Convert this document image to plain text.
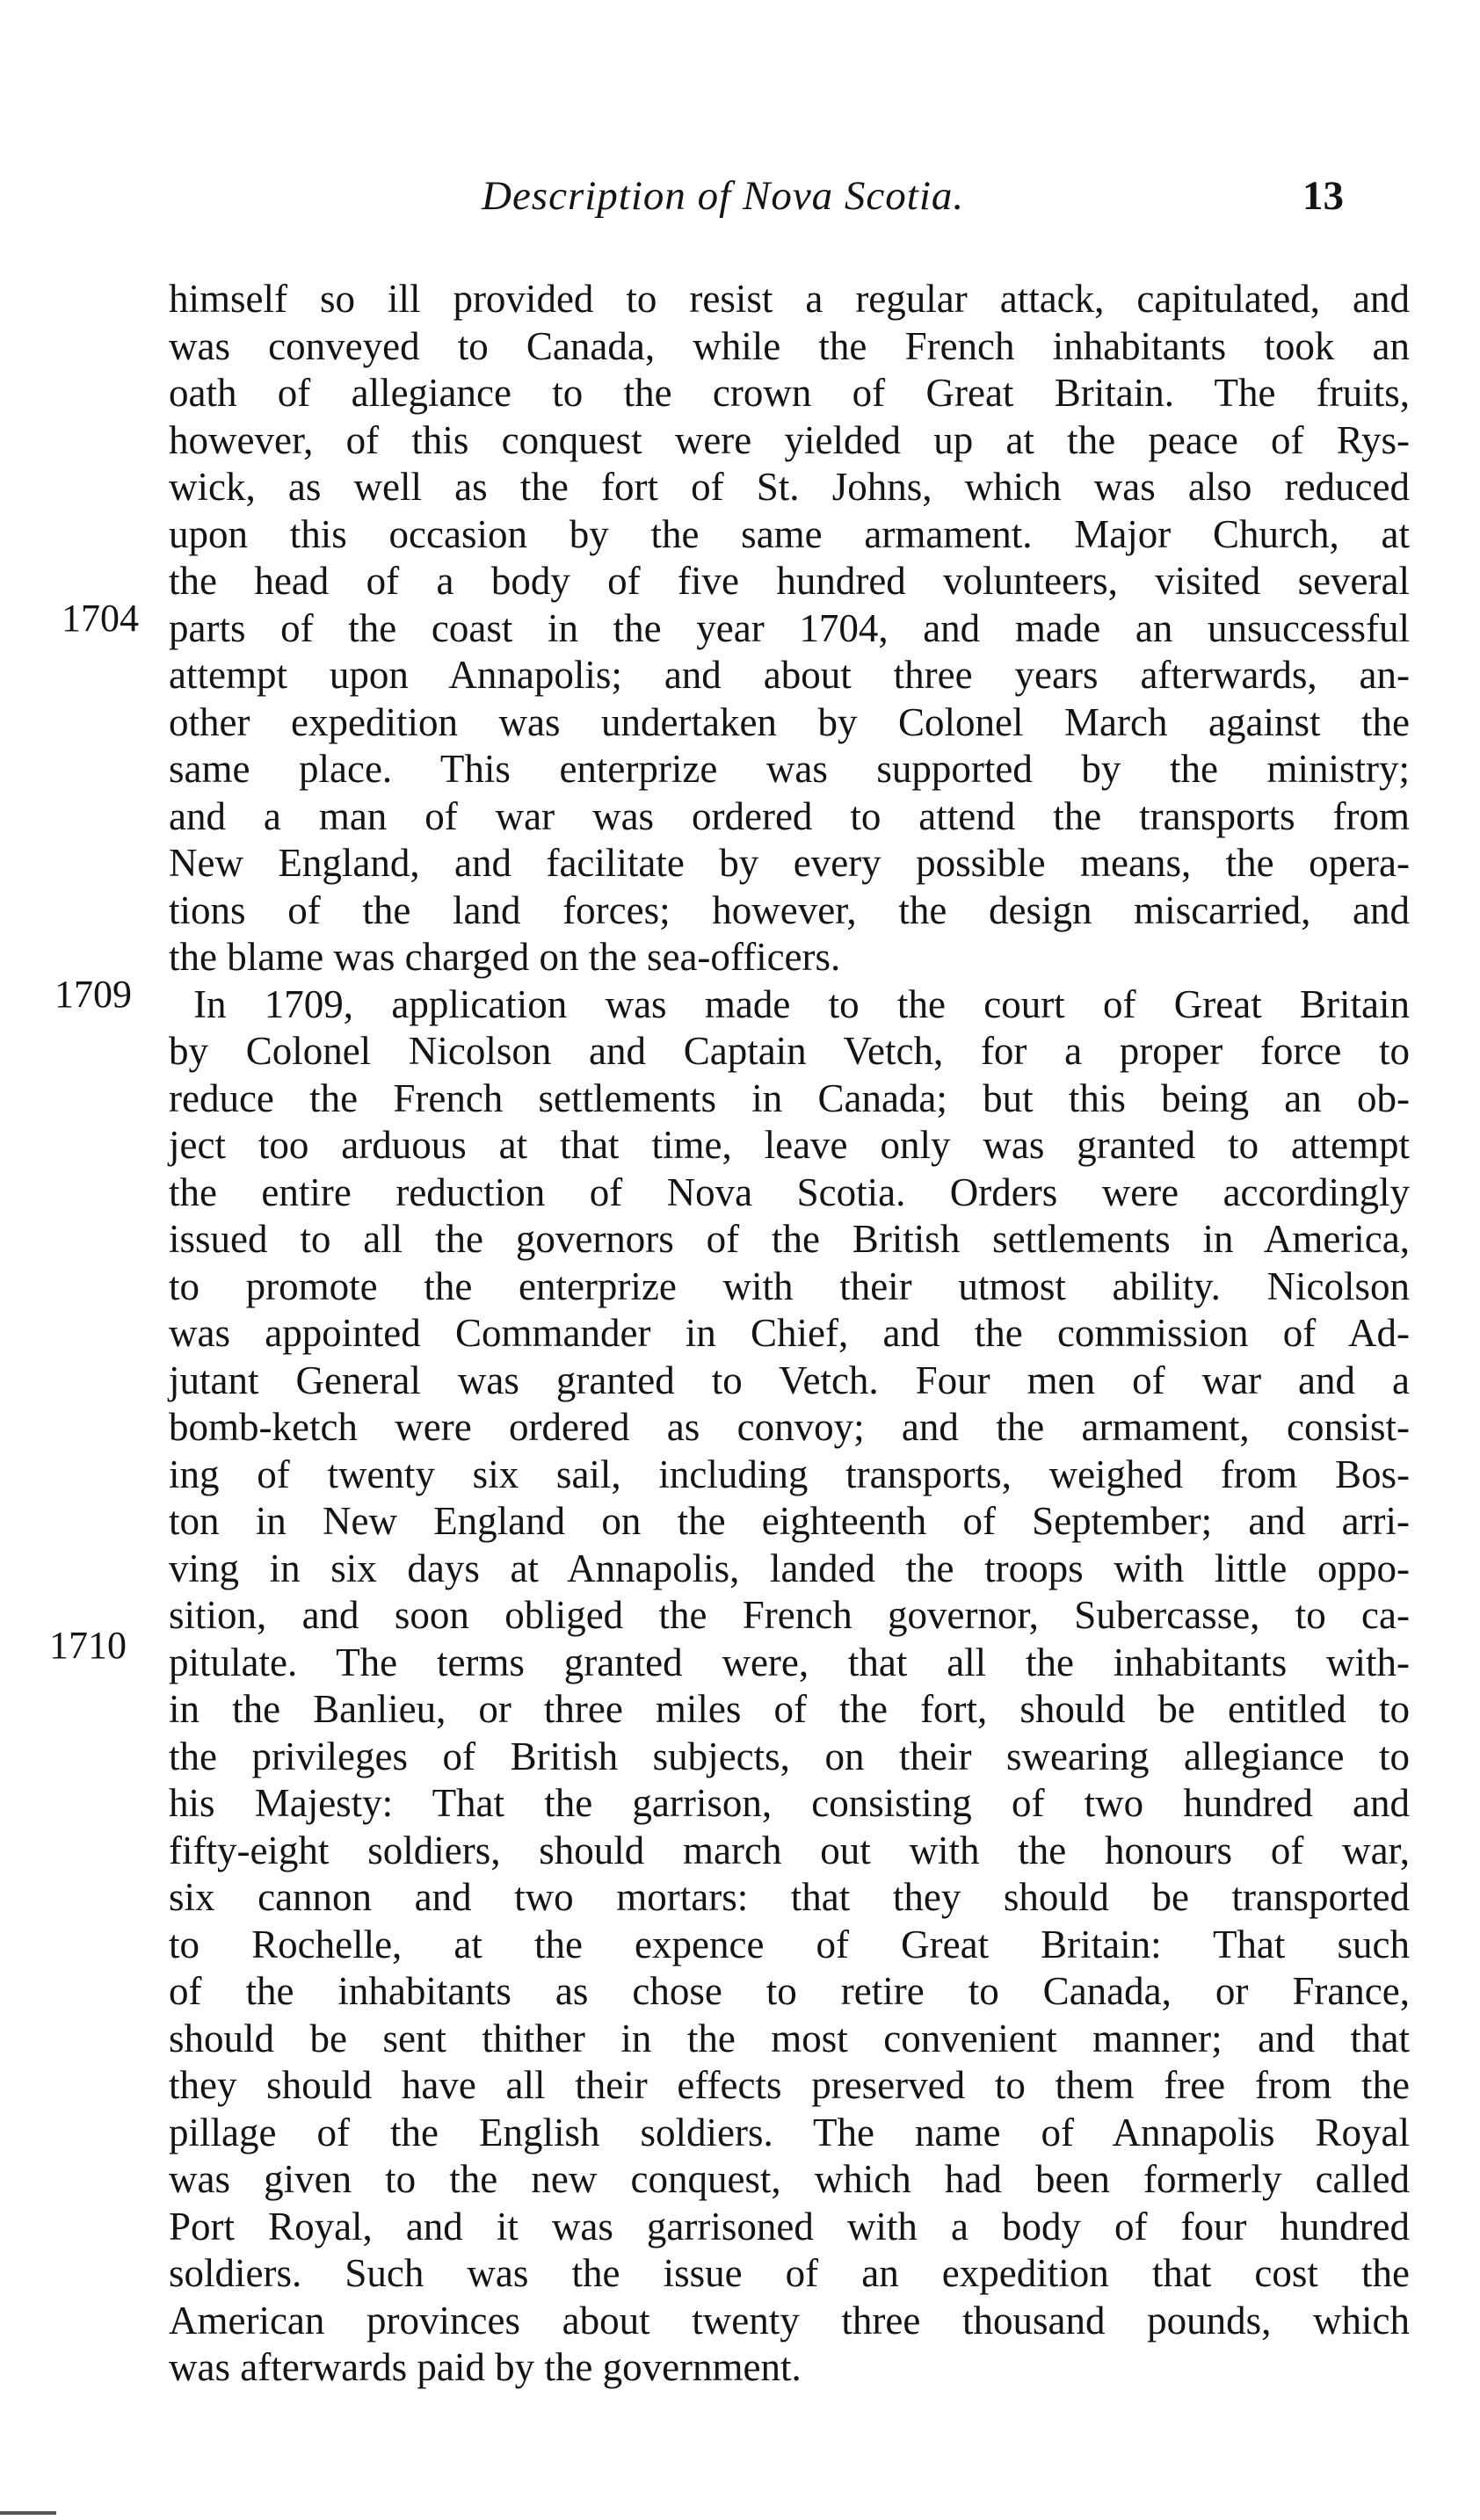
Description of Nova Scotia.	13
1704
1709
1710
himself so ill provided to resist a regular attack, capitulated, and
was conveyed to Canada, while the French inhabitants took an
oath of allegiance to the crown of Great Britain. The fruits,
however, of this conquest were yielded up at the peace of Rys-
wick, as well as the fort of St. Johns, which was also reduced
upon this occasion by the same armament. Major Church, at
the head of a body of five hundred volunteers, visited several
parts of the coast in the year 1704, and made an unsuccessful
attempt upon Annapolis; and about three years afterwards, an-
other expedition was undertaken by Colonel March against the
same place. This enterprize was supported by the ministry;
and a man of war was ordered to attend the transports from
New England, and facilitate by every possible means, the opera-
tions of the land forces; however, the design miscarried, and
the blame was charged on the sea-officers.
In 1709, application was made to the court of Great Britain
by Colonel Nicolson and Captain Vetch, for a proper force to
reduce the French settlements in Canada; but this being an ob-
ject too arduous at that time, leave only was granted to attempt
the entire reduction of Nova Scotia. Orders were accordingly
issued to all the governors of the British settlements in America,
to promote the enterprize with their utmost ability. Nicolson
was appointed Commander in Chief, and the commission of Ad-
jutant General was granted to Vetch. Four men of war and a
bomb-ketch were ordered as convoy; and the armament, consist-
ing of twenty six sail, including transports, weighed from Bos-
ton in New England on the eighteenth of September; and arri-
ving in six days at Annapolis, landed the troops with little oppo-
sition, and soon obliged the French governor, Subercasse, to ca-
pitulate. The terms granted were, that all the inhabitants with-
in the Banlieu, or three miles of the fort, should be entitled to
the privileges of British subjects, on their swearing allegiance to
his Majesty: That the garrison, consisting of two hundred and
fifty-eight soldiers, should march out with the honours of war,
six cannon and two mortars: that they should be transported
to Rochelle, at the expence of Great Britain: That such
of the inhabitants as chose to retire to Canada, or France,
should be sent thither in the most convenient manner; and that
they should have all their effects preserved to them free from the
pillage of the English soldiers. The name of Annapolis Royal
was given to the new conquest, which had been formerly called
Port Royal, and it was garrisoned with a body of four hundred
soldiers. Such was the issue of an expedition that cost the
American provinces about twenty three thousand pounds, which
was afterwards paid by the government.
